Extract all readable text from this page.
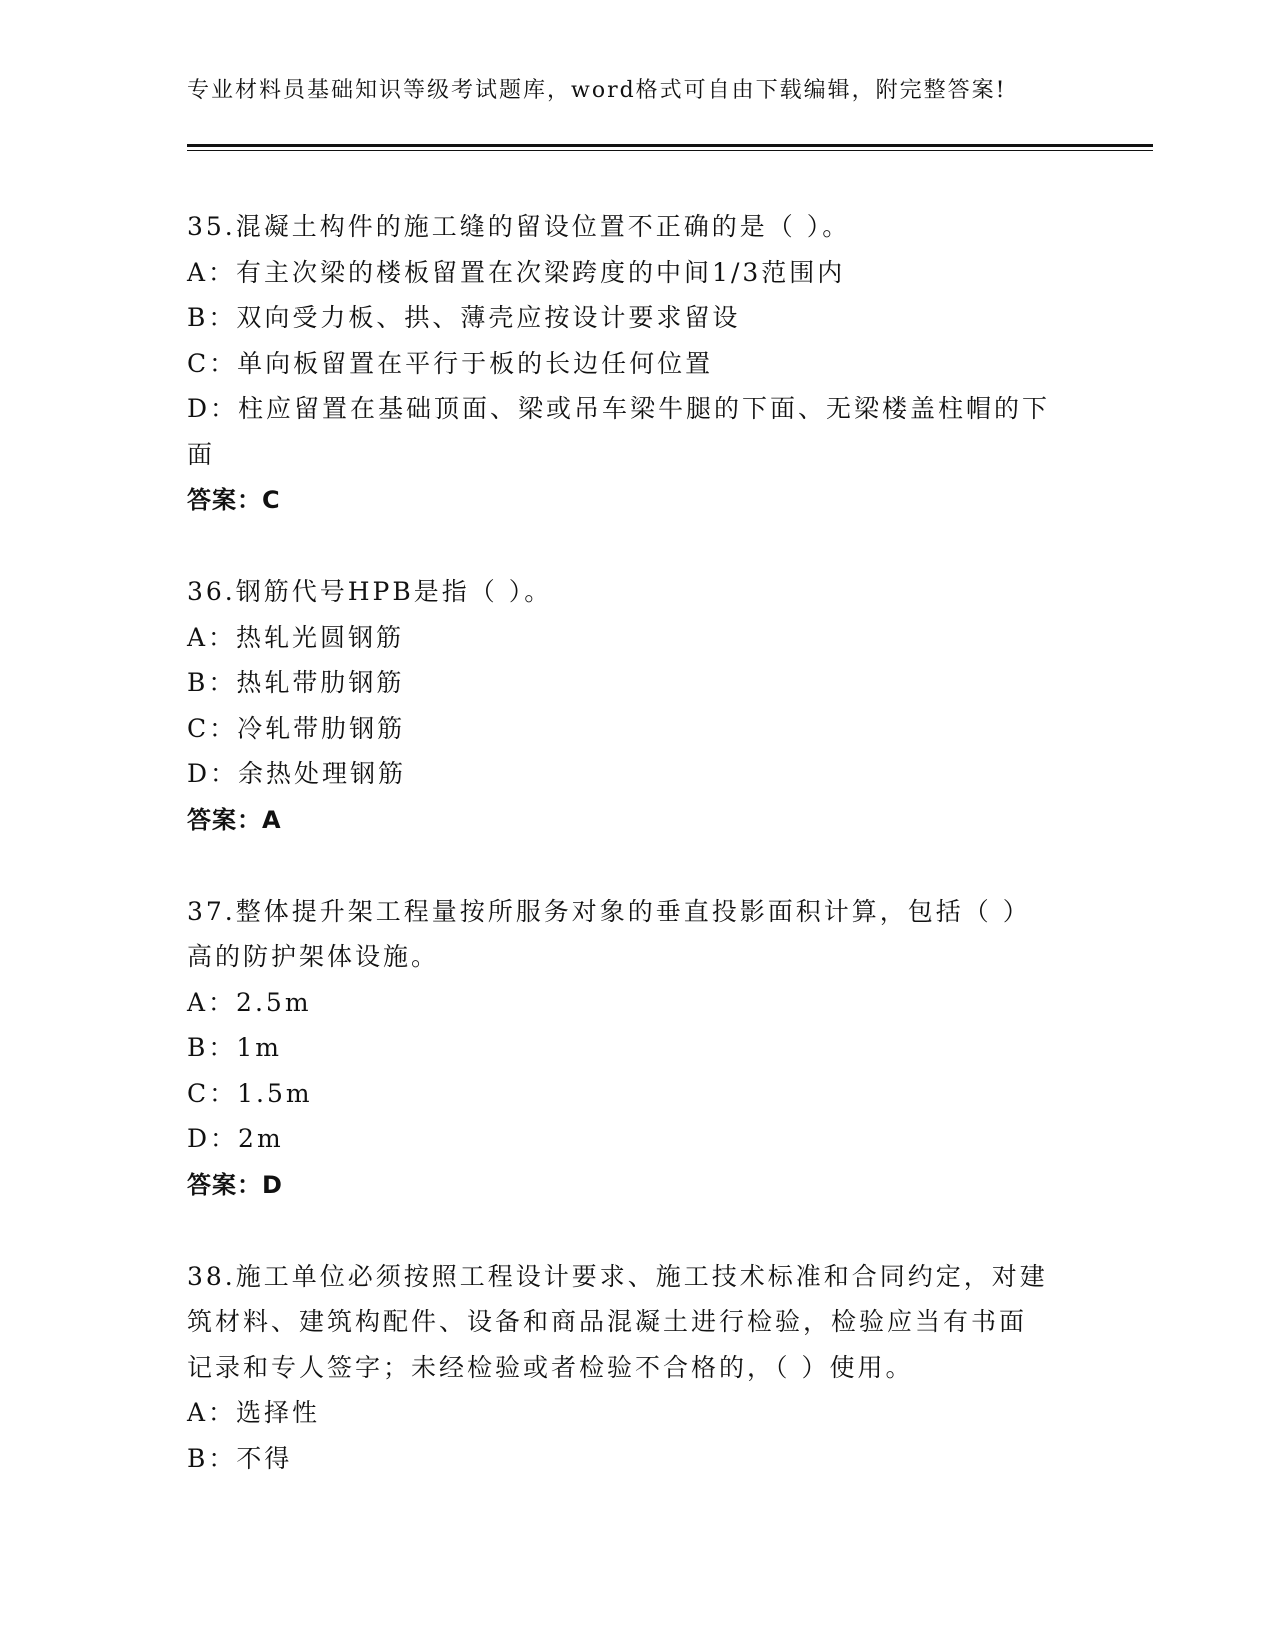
专业材料员基础知识等级考试题库，word格式可自由下载编辑，附完整答案!
35.混凝土构件的施工缝的留设位置不正确的是（ ）。
A：有主次梁的楼板留置在次梁跨度的中间1/3范围内
B：双向受力板、拱、薄壳应按设计要求留设
C：单向板留置在平行于板的长边任何位置
D：柱应留置在基础顶面、梁或吊车梁牛腿的下面、无梁楼盖柱帽的下
面
答案：C
36.钢筋代号HPB是指（ ）。
A：热轧光圆钢筋
B：热轧带肋钢筋
C：冷轧带肋钢筋
D：余热处理钢筋
答案：A
37.整体提升架工程量按所服务对象的垂直投影面积计算，包括（ ）
高的防护架体设施。
A：2.5m
B：1m
C：1.5m
D：2m
答案：D
38.施工单位必须按照工程设计要求、施工技术标准和合同约定，对建
筑材料、建筑构配件、设备和商品混凝土进行检验，检验应当有书面
记录和专人签字；未经检验或者检验不合格的，（ ）使用。
A：选择性
B：不得
